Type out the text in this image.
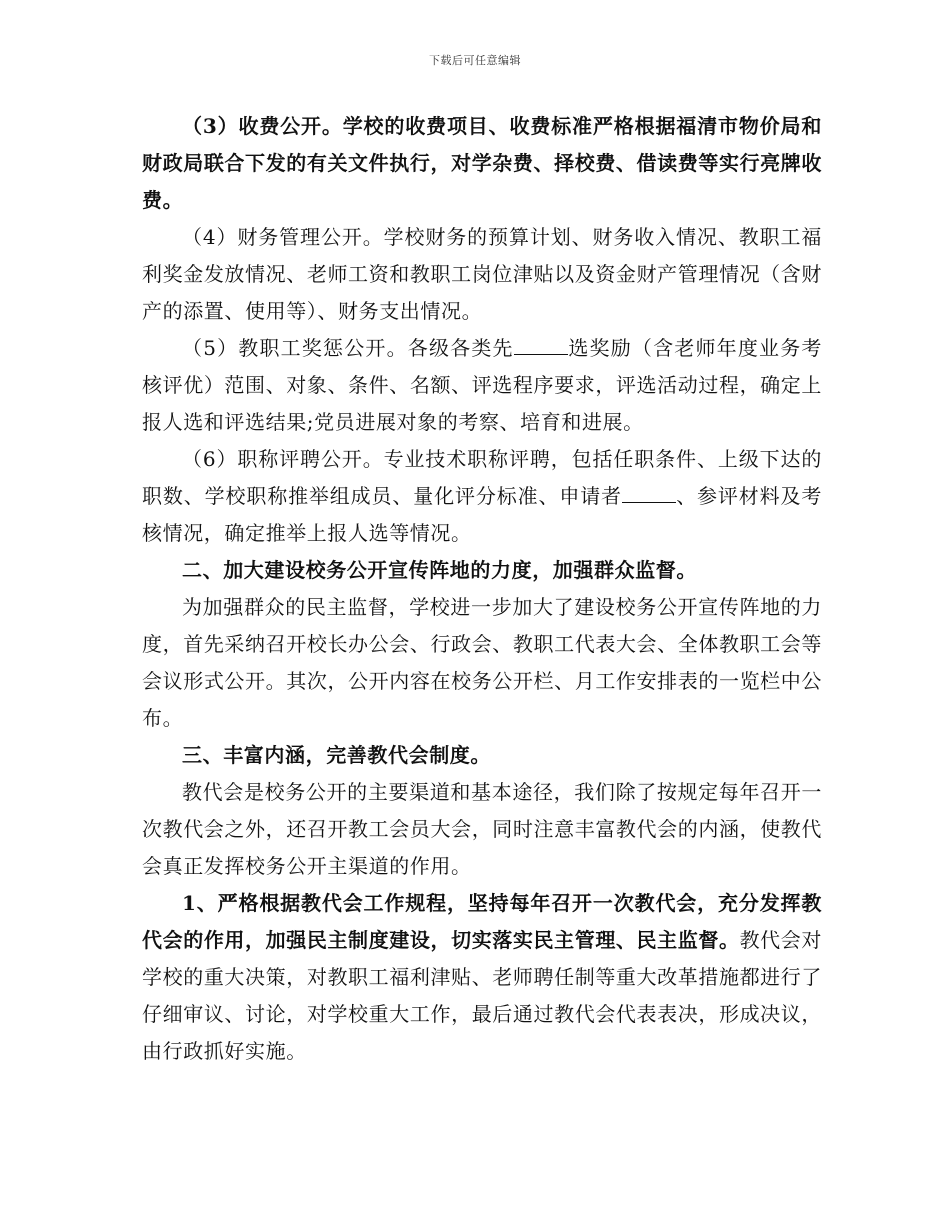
下载后可任意编辑

（3）收费公开。学校的收费项目、收费标准严格根据福清市物价局和财政局联合下发的有关文件执行，对学杂费、择校费、借读费等实行亮牌收费。

（4）财务管理公开。学校财务的预算计划、财务收入情况、教职工福利奖金发放情况、老师工资和教职工岗位津贴以及资金财产管理情况（含财产的添置、使用等）、财务支出情况。

（5）教职工奖惩公开。各级各类先	选奖励（含老师年度业务考核评优）范围、对象、条件、名额、评选程序要求，评选活动过程，确定上报人选和评选结果;党员进展对象的考察、培育和进展。

（6）职称评聘公开。专业技术职称评聘，包括任职条件、上级下达的职数、学校职称推举组成员、量化评分标准、申请者	、参评材料及考核情况，确定推举上报人选等情况。

二、加大建设校务公开宣传阵地的力度，加强群众监督。

为加强群众的民主监督，学校进一步加大了建设校务公开宣传阵地的力度，首先采纳召开校长办公会、行政会、教职工代表大会、全体教职工会等会议形式公开。其次，公开内容在校务公开栏、月工作安排表的一览栏中公布。

三、丰富内涵，完善教代会制度。

教代会是校务公开的主要渠道和基本途径，我们除了按规定每年召开一次教代会之外，还召开教工会员大会，同时注意丰富教代会的内涵，使教代会真正发挥校务公开主渠道的作用。

1、严格根据教代会工作规程，坚持每年召开一次教代会，充分发挥教代会的作用，加强民主制度建设，切实落实民主管理、民主监督。教代会对学校的重大决策，对教职工福利津贴、老师聘任制等重大改革措施都进行了仔细审议、讨论，对学校重大工作，最后通过教代会代表表决，形成决议，由行政抓好实施。
